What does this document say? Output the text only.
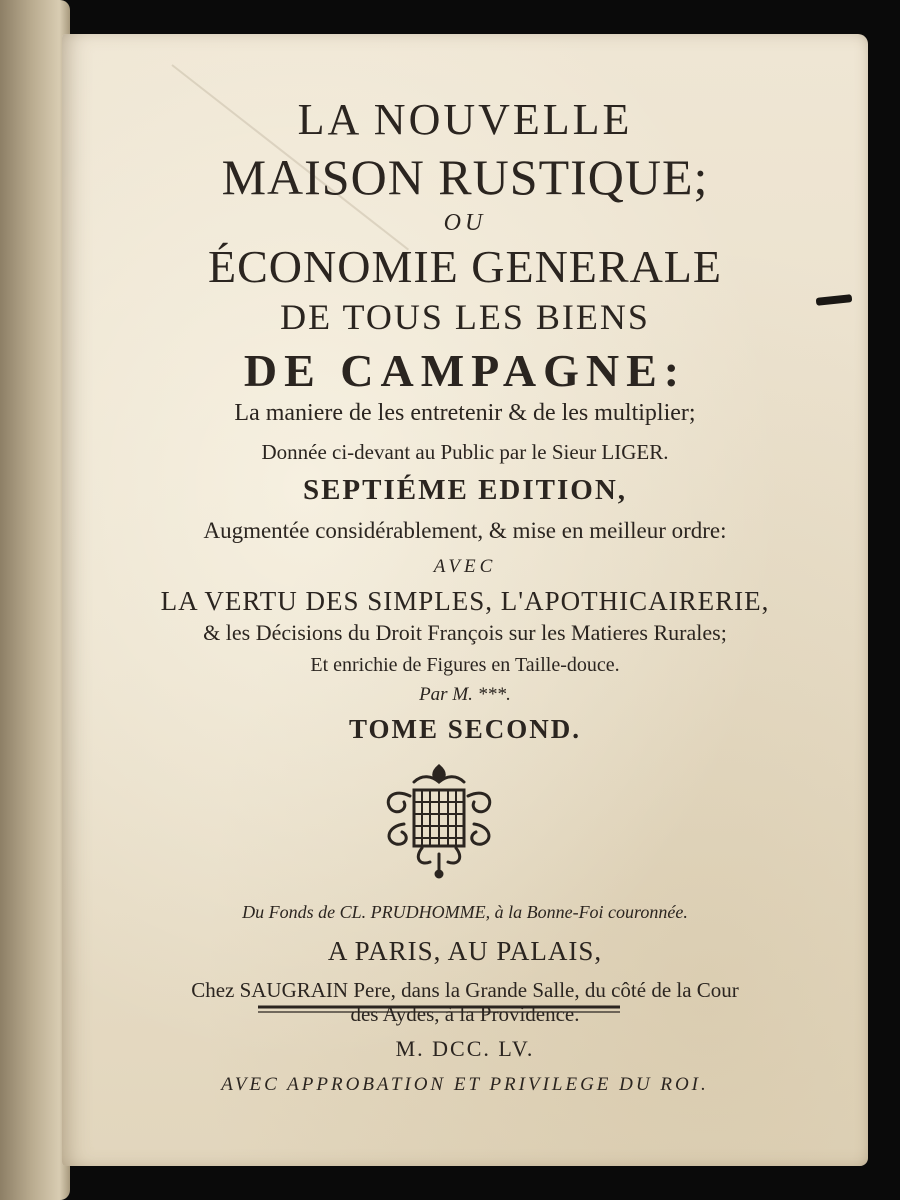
LA NOUVELLE
MAISON RUSTIQUE;
OU
ÉCONOMIE GENERALE
DE TOUS LES BIENS
DE CAMPAGNE:
La maniere de les entretenir & de les multiplier;
Donnée ci-devant au Public par le Sieur LIGER.
SEPTIÉME EDITION,
Augmentée considérablement, & mise en meilleur ordre:
AVEC
LA VERTU DES SIMPLES, L'APOTHICAIRERIE,
& les Décisions du Droit François sur les Matieres Rurales;
Et enrichie de Figures en Taille-douce.
Par M. ***.
TOME SECOND.
Du Fonds de CL. PRUDHOMME, à la Bonne-Foi couronnée.
A PARIS, AU PALAIS,
Chez SAUGRAIN Pere, dans la Grande Salle, du côté de la Cour
des Aydes, à la Providence.
M. DCC. LV.
AVEC APPROBATION ET PRIVILEGE DU ROI.
